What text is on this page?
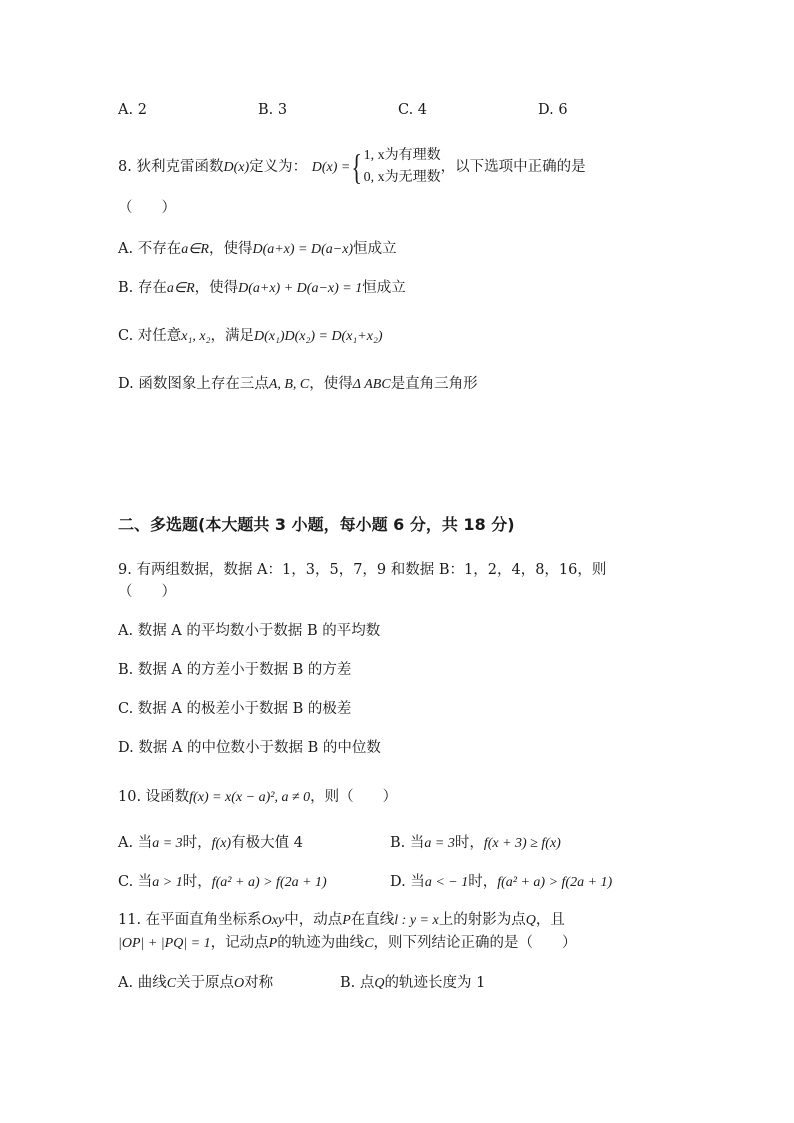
A. 2	B. 3	C. 4	D. 6
8. 狄利克雷函数D(x)定义为： D(x) ={ 1, x为有理数
0, x为无理数
，以下选项中正确的是
（　　）
A. 不存在a∈R，使得D(a+x) = D(a−x)恒成立
B. 存在a∈R，使得D(a+x) + D(a−x) = 1恒成立
C. 对任意x₁, x₂，满足D(x₁)D(x₂) = D(x₁+x₂)
D. 函数图象上存在三点A, B, C，使得Δ ABC是直角三角形
二、多选题(本大题共 3 小题，每小题 6 分，共 18 分)
9. 有两组数据，数据 A：1，3，5，7，9 和数据 B：1，2，4，8，16，则
（　　）
A. 数据 A 的平均数小于数据 B 的平均数
B. 数据 A 的方差小于数据 B 的方差
C. 数据 A 的极差小于数据 B 的极差
D. 数据 A 的中位数小于数据 B 的中位数
10. 设函数f(x) = x(x − a)², a ≠ 0，则（　　）
A. 当a = 3时，f(x)有极大值 4	B. 当a = 3时，f(x + 3) ≥ f(x)
C. 当a > 1时，f(a² + a) > f(2a + 1)	D. 当a < − 1时，f(a² + a) > f(2a + 1)
11. 在平面直角坐标系Oxy中，动点P在直线l : y = x上的射影为点Q，且
|OP| + |PQ| = 1，记动点P的轨迹为曲线C，则下列结论正确的是（　　）
A. 曲线C关于原点O对称	B. 点Q的轨迹长度为 1
